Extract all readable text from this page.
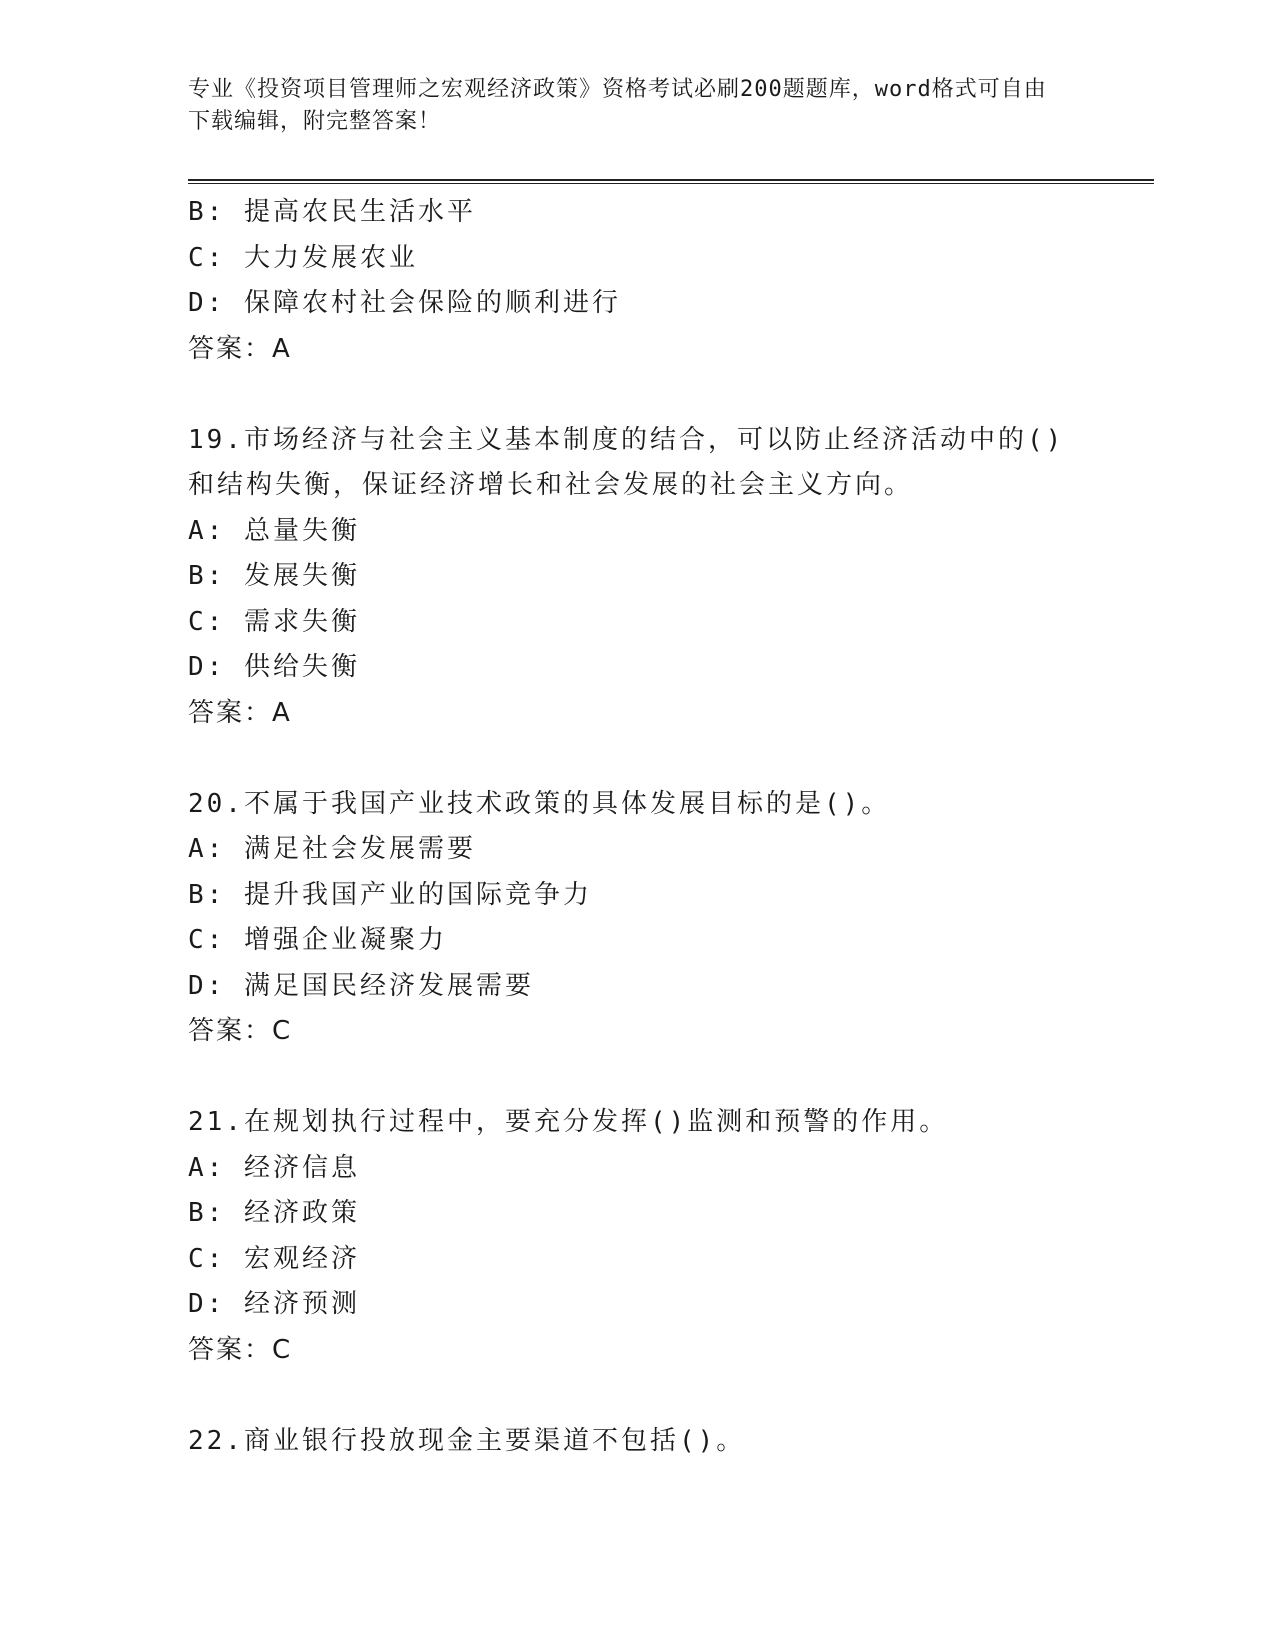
专业《投资项目管理师之宏观经济政策》资格考试必刷200题题库，word格式可自由下载编辑，附完整答案！
B: 提高农民生活水平
C: 大力发展农业
D: 保障农村社会保险的顺利进行
答案：A
19.市场经济与社会主义基本制度的结合，可以防止经济活动中的()和结构失衡，保证经济增长和社会发展的社会主义方向。
A: 总量失衡
B: 发展失衡
C: 需求失衡
D: 供给失衡
答案：A
20.不属于我国产业技术政策的具体发展目标的是()。
A: 满足社会发展需要
B: 提升我国产业的国际竞争力
C: 增强企业凝聚力
D: 满足国民经济发展需要
答案：C
21.在规划执行过程中，要充分发挥()监测和预警的作用。
A: 经济信息
B: 经济政策
C: 宏观经济
D: 经济预测
答案：C
22.商业银行投放现金主要渠道不包括()。
